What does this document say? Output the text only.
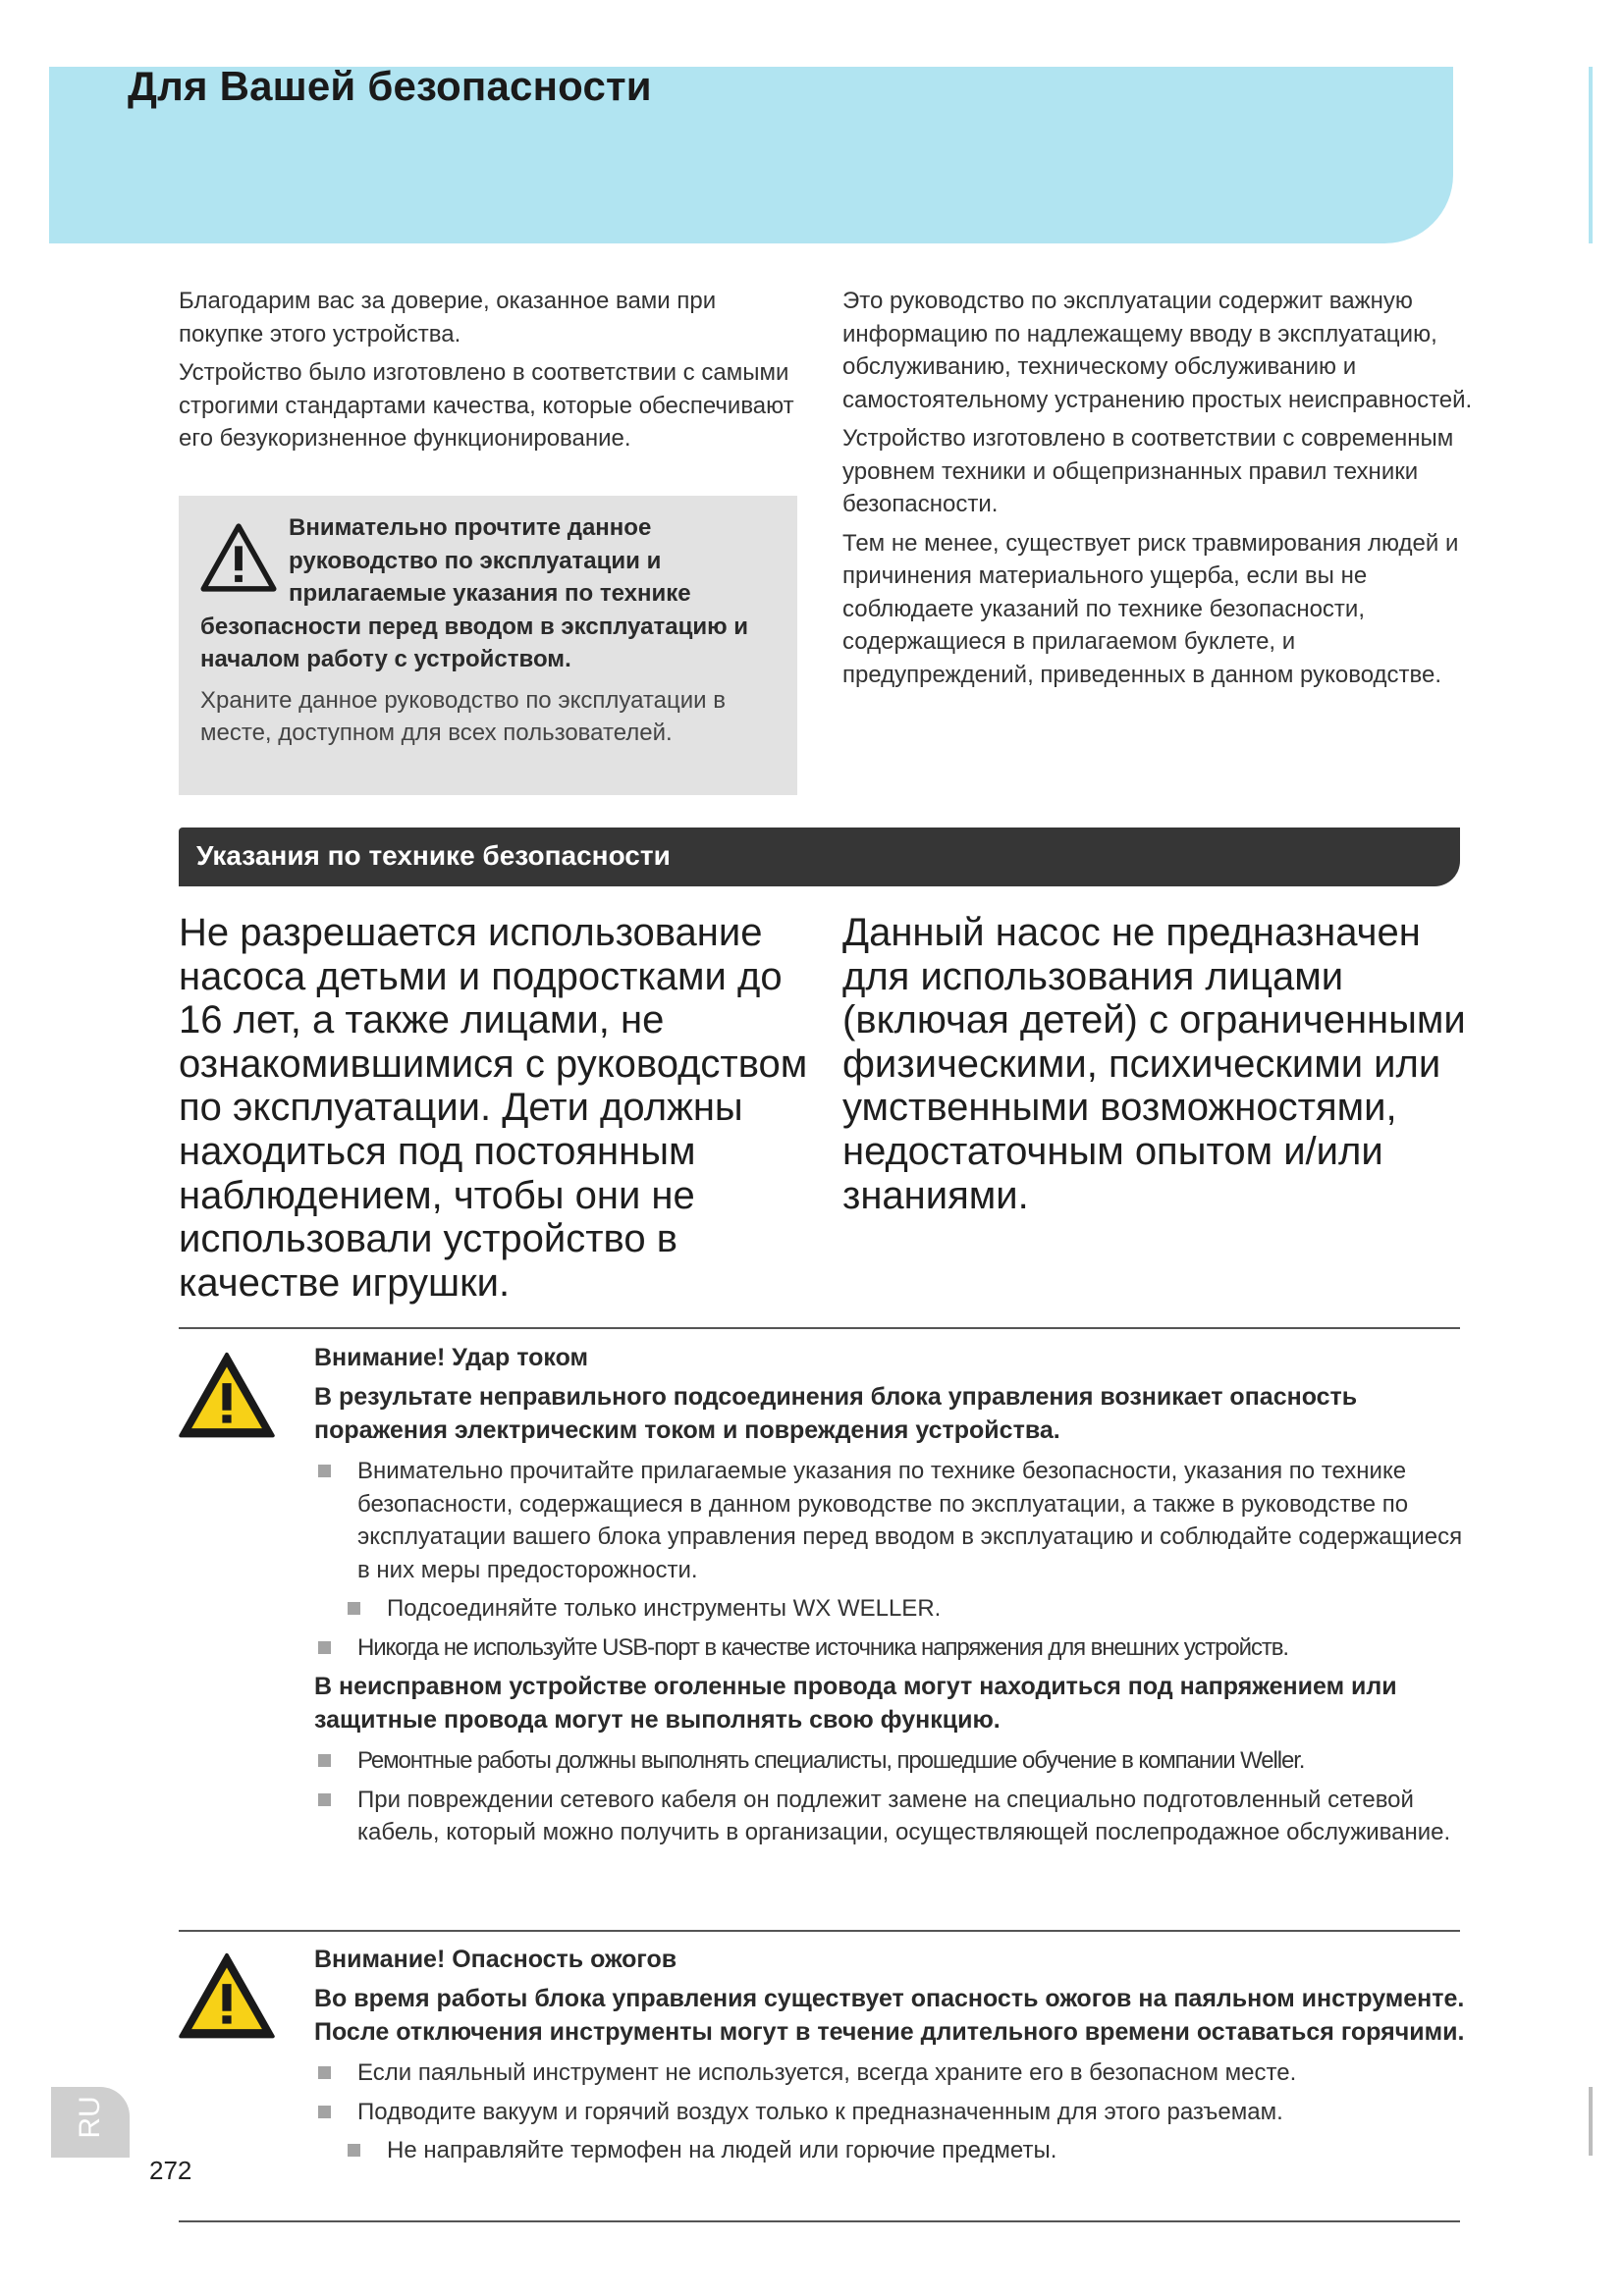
Для Вашей безопасности

Благодарим вас за доверие, оказанное вами при покупке этого устройства.

Устройство было изготовлено в соответствии с самыми строгими стандартами качества, которые обеспечивают его безукоризненное функционирование.

Внимательно прочтите данное руководство по эксплуатации и прилагаемые указания по технике безопасности перед вводом в эксплуатацию и началом работу с устройством.
Храните данное руководство по эксплуатации в месте, доступном для всех пользователей.

Это руководство по эксплуатации содержит важную информацию по надлежащему вводу в эксплуатацию, обслуживанию, техническому обслуживанию и самостоятельному устранению простых неисправностей.

Устройство изготовлено в соответствии с современным уровнем техники и общепризнанных правил техники безопасности.

Тем не менее, существует риск травмирования людей и причинения материального ущерба, если вы не соблюдаете указаний по технике безопасности, содержащиеся в прилагаемом буклете, и предупреждений, приведенных в данном руководстве.

Указания по технике безопасности
Не разрешается использование насоса детьми и подростками до 16 лет, а также лицами, не ознакомившимися с руководством по эксплуатации. Дети должны находиться под постоянным наблюдением, чтобы они не использовали устройство в качестве игрушки.
Данный насос не предназначен для использования лицами (включая детей) с ограниченными физическими, психическими или умственными возможностями, недостаточным опытом и/или знаниями.
Внимание! Удар током
В результате неправильного подсоединения блока управления возникает опасность поражения электрическим током и повреждения устройства.
Внимательно прочитайте прилагаемые указания по технике безопасности, указания по технике безопасности, содержащиеся в данном руководстве по эксплуатации, а также в руководстве по эксплуатации вашего блока управления перед вводом в эксплуатацию и соблюдайте содержащиеся в них меры предосторожности.
Подсоединяйте только инструменты WX WELLER.
Никогда не используйте USB-порт в качестве источника напряжения для внешних устройств.
В неисправном устройстве оголенные провода могут находиться под напряжением или защитные провода могут не выполнять свою функцию.
Ремонтные работы должны выполнять специалисты, прошедшие обучение в компании Weller.
При повреждении сетевого кабеля он подлежит замене на специально подготовленный сетевой кабель, который можно получить в организации, осуществляющей послепродажное обслуживание.
Внимание! Опасность ожогов
Во время работы блока управления существует опасность ожогов на паяльном инструменте. После отключения инструменты могут в течение длительного времени оставаться горячими.
Если паяльный инструмент не используется, всегда храните его в безопасном месте.
Подводите вакуум и горячий воздух только к предназначенным для этого разъемам.
Не направляйте термофен на людей или горючие предметы.
RU
272
